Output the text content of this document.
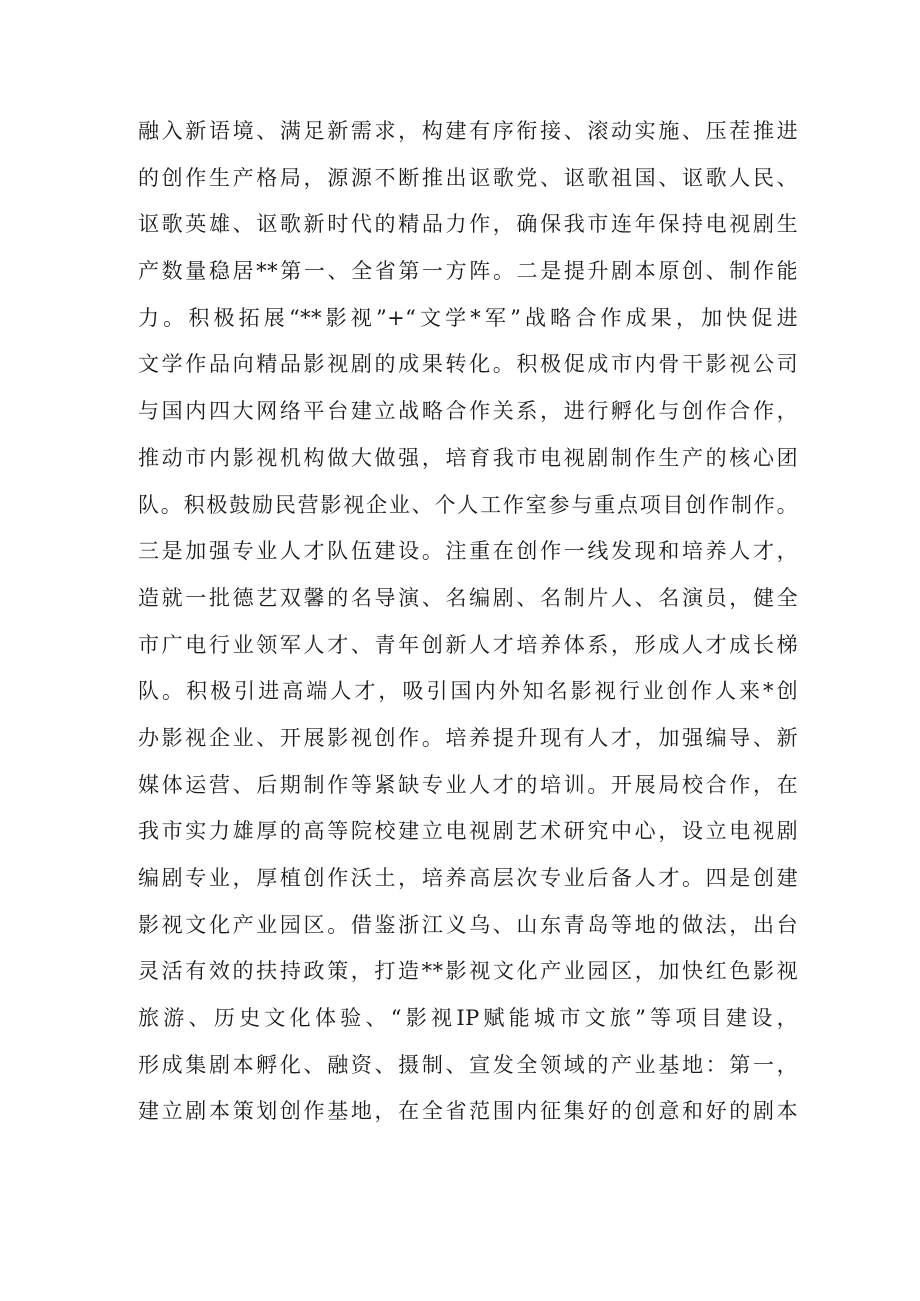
融入新语境、满足新需求，构建有序衔接、滚动实施、压茬推进
的创作生产格局，源源不断推出讴歌党、讴歌祖国、讴歌人民、
讴歌英雄、讴歌新时代的精品力作，确保我市连年保持电视剧生
产数量稳居**第一、全省第一方阵。二是提升剧本原创、制作能
力。积极拓展“**影视”+“文学*军”战略合作成果，加快促进
文学作品向精品影视剧的成果转化。积极促成市内骨干影视公司
与国内四大网络平台建立战略合作关系，进行孵化与创作合作，
推动市内影视机构做大做强，培育我市电视剧制作生产的核心团
队。积极鼓励民营影视企业、个人工作室参与重点项目创作制作。
三是加强专业人才队伍建设。注重在创作一线发现和培养人才，
造就一批德艺双馨的名导演、名编剧、名制片人、名演员，健全
市广电行业领军人才、青年创新人才培养体系，形成人才成长梯
队。积极引进高端人才，吸引国内外知名影视行业创作人来*创
办影视企业、开展影视创作。培养提升现有人才，加强编导、新
媒体运营、后期制作等紧缺专业人才的培训。开展局校合作，在
我市实力雄厚的高等院校建立电视剧艺术研究中心，设立电视剧
编剧专业，厚植创作沃土，培养高层次专业后备人才。四是创建
影视文化产业园区。借鉴浙江义乌、山东青岛等地的做法，出台
灵活有效的扶持政策，打造**影视文化产业园区，加快红色影视
旅游、历史文化体验、“影视IP赋能城市文旅”等项目建设，
形成集剧本孵化、融资、摄制、宣发全领域的产业基地：第一，
建立剧本策划创作基地，在全省范围内征集好的创意和好的剧本
